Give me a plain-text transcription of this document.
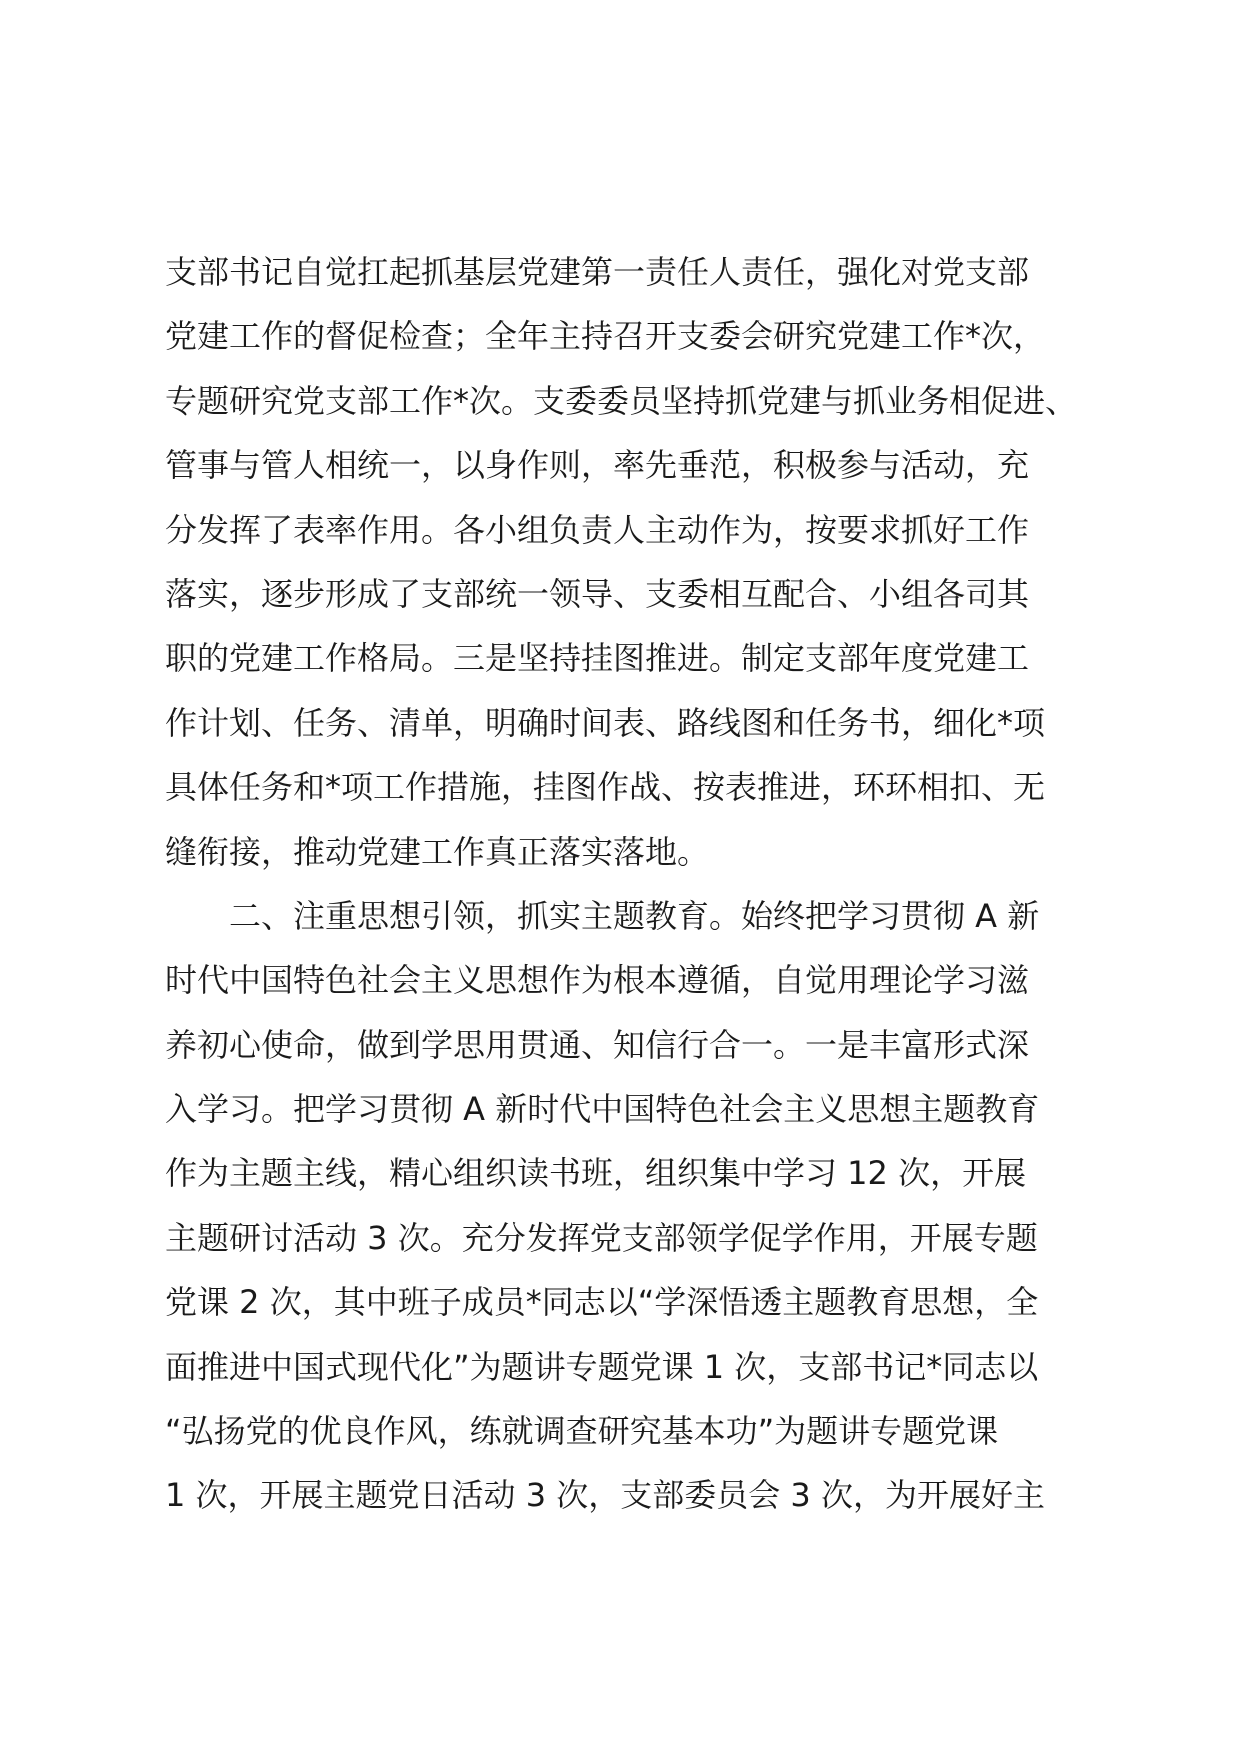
支部书记自觉扛起抓基层党建第一责任人责任，强化对党支部
党建工作的督促检查；全年主持召开支委会研究党建工作*次，
专题研究党支部工作*次。支委委员坚持抓党建与抓业务相促进、
管事与管人相统一，以身作则，率先垂范，积极参与活动，充
分发挥了表率作用。各小组负责人主动作为，按要求抓好工作
落实，逐步形成了支部统一领导、支委相互配合、小组各司其
职的党建工作格局。三是坚持挂图推进。制定支部年度党建工
作计划、任务、清单，明确时间表、路线图和任务书，细化*项
具体任务和*项工作措施，挂图作战、按表推进，环环相扣、无
缝衔接，推动党建工作真正落实落地。
二、注重思想引领，抓实主题教育。始终把学习贯彻 A 新
时代中国特色社会主义思想作为根本遵循，自觉用理论学习滋
养初心使命，做到学思用贯通、知信行合一。一是丰富形式深
入学习。把学习贯彻 A 新时代中国特色社会主义思想主题教育
作为主题主线，精心组织读书班，组织集中学习 12 次，开展
主题研讨活动 3 次。充分发挥党支部领学促学作用，开展专题
党课 2 次，其中班子成员*同志以“学深悟透主题教育思想，全
面推进中国式现代化”为题讲专题党课 1 次，支部书记*同志以
“弘扬党的优良作风，练就调查研究基本功”为题讲专题党课
1 次，开展主题党日活动 3 次，支部委员会 3 次，为开展好主
